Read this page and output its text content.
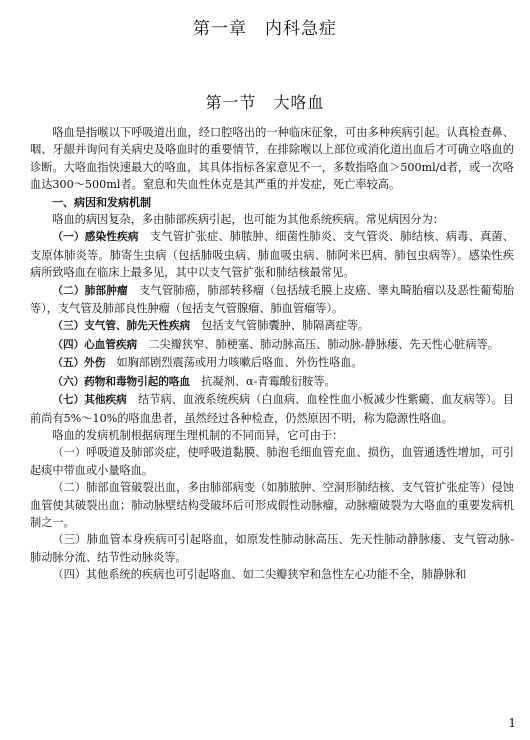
第一章　内科急症
第一节　大咯血

咯血是指喉以下呼吸道出血，经口腔咯出的一种临床征象，可由多种疾病引起。认真检查鼻、咽、牙龈并询问有关病史及咯血时的重要情节，在排除喉以上部位或消化道出血后才可确立咯血的诊断。大咯血指快速最大的咯血，其具体指标各家意见不一，多数指咯血＞500ml/d者，或一次咯血达300～500ml者。窒息和失血性休克是其严重的并发症，死亡率较高。

一、病因和发病机制

咯血的病因复杂，多由肺部疾病引起，也可能为其他系统疾病。常见病因分为：

（一）感染性疾病　支气管扩张症、肺脓肿、细菌性肺炎、支气管炎、肺结核、病毒、真菌、支原体肺炎等。肺寄生虫病（包括肺吸虫病、肺血吸虫病、肺阿米巴病、肺包虫病等）。感染性疾病所致咯血在临床上最多见，其中以支气管扩张和肺结核最常见。

（二）肺部肿瘤　支气管肺癌，肺部转移瘤（包括绒毛膜上皮癌、睾丸畸胎瘤以及恶性葡萄胎等），支气管及肺部良性肿瘤（包括支气管腺瘤、肺血管瘤等）。

（三）支气管、肺先天性疾病　包括支气管肺囊肿、肺隔离症等。

（四）心血管疾病　二尖瓣狭窄、肺梗塞、肺动脉高压、肺动脉-静脉瘘、先天性心脏病等。

（五）外伤　如胸部剧烈震荡或用力咳嗽后咯血、外伤性咯血。

（六）药物和毒物引起的咯血　抗凝剂、α-青霉酸衍胺等。

（七）其他疾病　结节病、血液系统疾病（白血病、血栓性血小板减少性紫癜、血友病等）。目前尚有5%～10%的咯血患者，虽然经过各种检查，仍然原因不明，称为隐源性咯血。

咯血的发病机制根据病理生理机制的不同而异，它可由于：

（一）呼吸道及肺部炎症，使呼吸道黏膜、肺泡毛细血管充血、损伤，血管通透性增加，可引起痰中带血或小量咯血。

（二）肺部血管破裂出血，多由肺部病变（如肺脓肿、空洞形肺结核、支气管扩张症等）侵蚀血管使其破裂出血；肺动脉壁结构受破坏后可形成假性动脉瘤，动脉瘤破裂为大咯血的重要发病机制之一。

（三）肺血管本身疾病可引起咯血，如原发性肺动脉高压、先天性肺动静脉瘘、支气管动脉-肺动脉分流、结节性动脉炎等。

（四）其他系统的疾病也可引起咯血、如二尖瓣狭窄和急性左心功能不全，肺静脉和

1
